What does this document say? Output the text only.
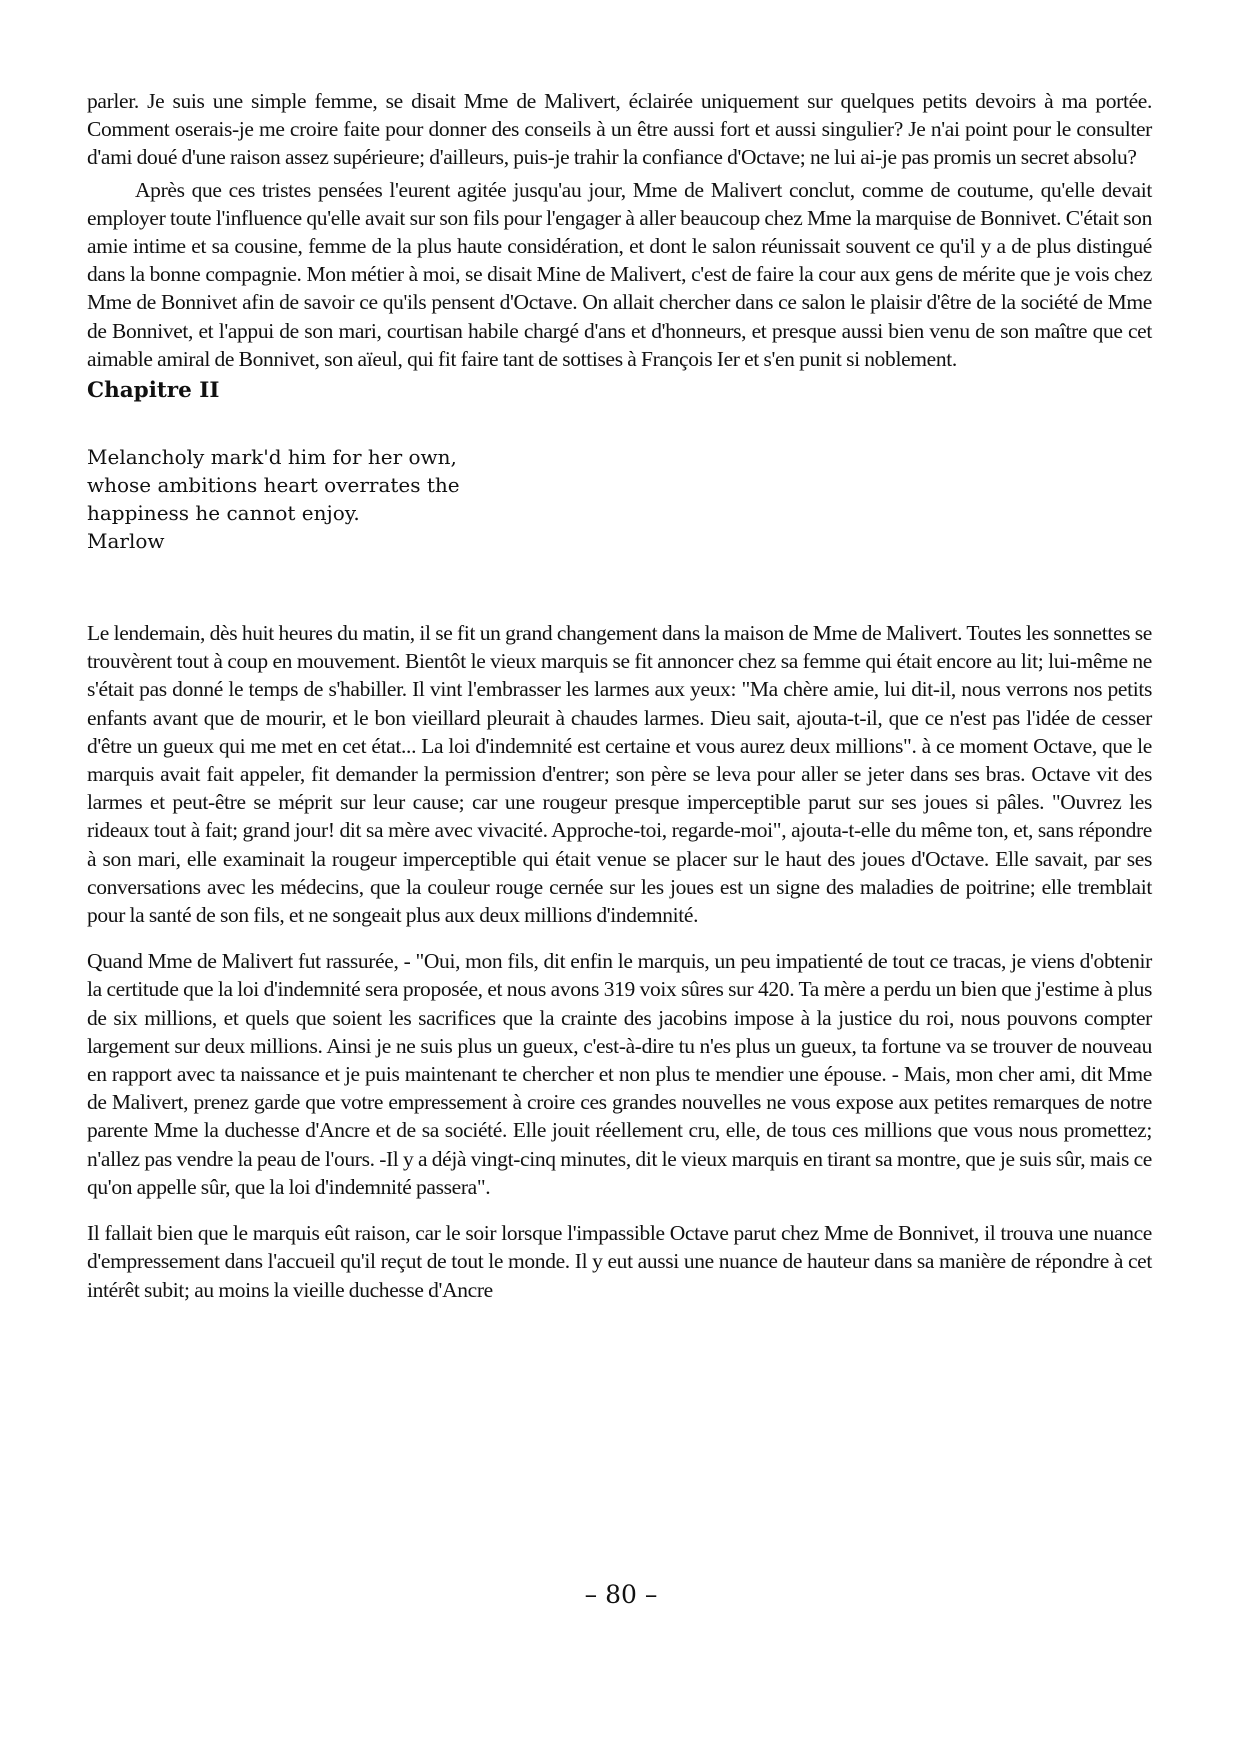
parler. Je suis une simple femme, se disait Mme de Malivert, éclairée uniquement sur quelques petits devoirs à ma portée. Comment oserais-je me croire faite pour donner des conseils à un être aussi fort et aussi singulier? Je n'ai point pour le consulter d'ami doué d'une raison assez supérieure; d'ailleurs, puis-je trahir la confiance d'Octave; ne lui ai-je pas promis un secret absolu?

Après que ces tristes pensées l'eurent agitée jusqu'au jour, Mme de Malivert conclut, comme de coutume, qu'elle devait employer toute l'influence qu'elle avait sur son fils pour l'engager à aller beaucoup chez Mme la marquise de Bonnivet. C'était son amie intime et sa cousine, femme de la plus haute considération, et dont le salon réunissait souvent ce qu'il y a de plus distingué dans la bonne compagnie. Mon métier à moi, se disait Mine de Malivert, c'est de faire la cour aux gens de mérite que je vois chez Mme de Bonnivet afin de savoir ce qu'ils pensent d'Octave. On allait chercher dans ce salon le plaisir d'être de la société de Mme de Bonnivet, et l'appui de son mari, courtisan habile chargé d'ans et d'honneurs, et presque aussi bien venu de son maître que cet aimable amiral de Bonnivet, son aïeul, qui fit faire tant de sottises à François Ier et s'en punit si noblement.

Chapitre II
Melancholy mark'd him for her own,
whose ambitions heart overrates the
happiness he cannot enjoy.
Marlow

Le lendemain, dès huit heures du matin, il se fit un grand changement dans la maison de Mme de Malivert. Toutes les sonnettes se trouvèrent tout à coup en mouvement. Bientôt le vieux marquis se fit annoncer chez sa femme qui était encore au lit; lui-même ne s'était pas donné le temps de s'habiller. Il vint l'embrasser les larmes aux yeux: "Ma chère amie, lui dit-il, nous verrons nos petits enfants avant que de mourir, et le bon vieillard pleurait à chaudes larmes. Dieu sait, ajouta-t-il, que ce n'est pas l'idée de cesser d'être un gueux qui me met en cet état... La loi d'indemnité est certaine et vous aurez deux millions". à ce moment Octave, que le marquis avait fait appeler, fit demander la permission d'entrer; son père se leva pour aller se jeter dans ses bras. Octave vit des larmes et peut-être se méprit sur leur cause; car une rougeur presque imperceptible parut sur ses joues si pâles. "Ouvrez les rideaux tout à fait; grand jour! dit sa mère avec vivacité. Approche-toi, regarde-moi", ajouta-t-elle du même ton, et, sans répondre à son mari, elle examinait la rougeur imperceptible qui était venue se placer sur le haut des joues d'Octave. Elle savait, par ses conversations avec les médecins, que la couleur rouge cernée sur les joues est un signe des maladies de poitrine; elle tremblait pour la santé de son fils, et ne songeait plus aux deux millions d'indemnité.

Quand Mme de Malivert fut rassurée, - "Oui, mon fils, dit enfin le marquis, un peu impatienté de tout ce tracas, je viens d'obtenir la certitude que la loi d'indemnité sera proposée, et nous avons 319 voix sûres sur 420. Ta mère a perdu un bien que j'estime à plus de six millions, et quels que soient les sacrifices que la crainte des jacobins impose à la justice du roi, nous pouvons compter largement sur deux millions. Ainsi je ne suis plus un gueux, c'est-à-dire tu n'es plus un gueux, ta fortune va se trouver de nouveau en rapport avec ta naissance et je puis maintenant te chercher et non plus te mendier une épouse. - Mais, mon cher ami, dit Mme de Malivert, prenez garde que votre empressement à croire ces grandes nouvelles ne vous expose aux petites remarques de notre parente Mme la duchesse d'Ancre et de sa société. Elle jouit réellement cru, elle, de tous ces millions que vous nous promettez; n'allez pas vendre la peau de l'ours. -Il y a déjà vingt-cinq minutes, dit le vieux marquis en tirant sa montre, que je suis sûr, mais ce qu'on appelle sûr, que la loi d'indemnité passera".

Il fallait bien que le marquis eût raison, car le soir lorsque l'impassible Octave parut chez Mme de Bonnivet, il trouva une nuance d'empressement dans l'accueil qu'il reçut de tout le monde. Il y eut aussi une nuance de hauteur dans sa manière de répondre à cet intérêt subit; au moins la vieille duchesse d'Ancre

– 80 –
